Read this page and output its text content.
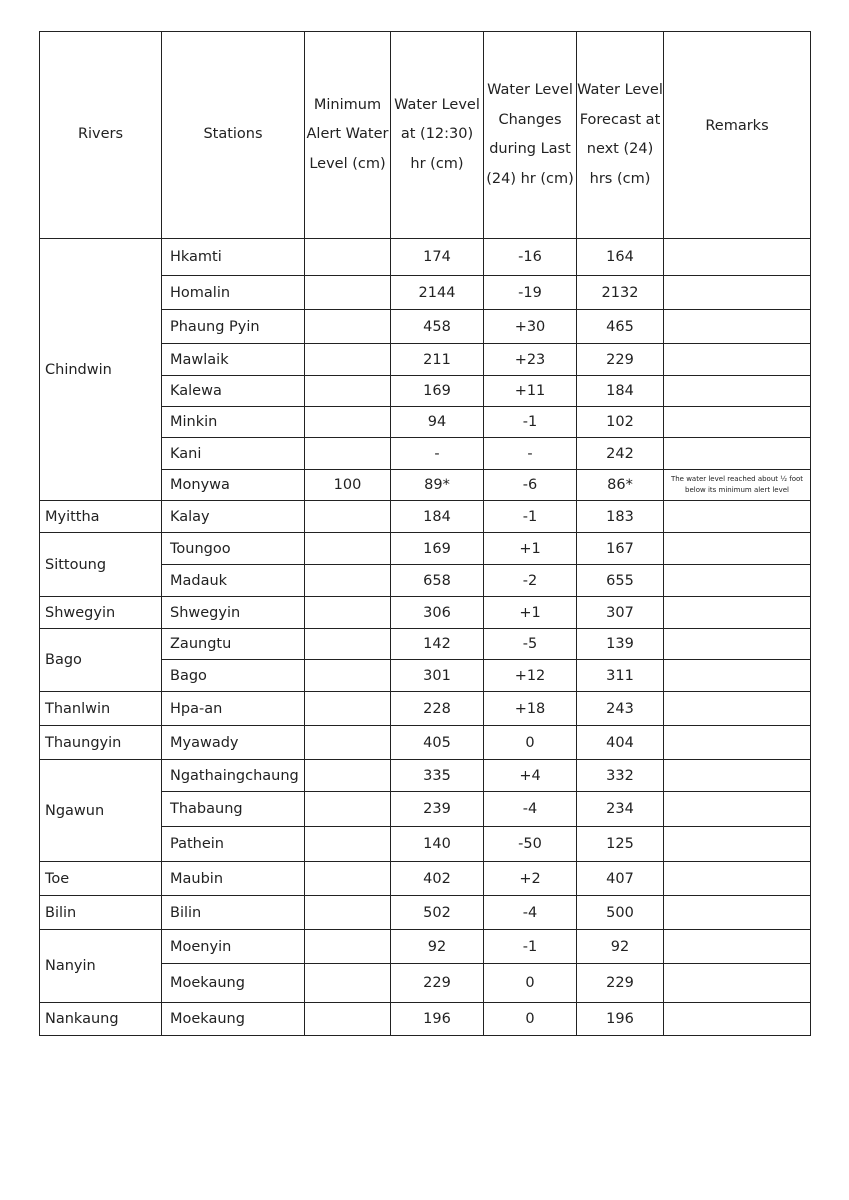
Rivers	Stations	Minimum Alert Water Level (cm)	Water Level at (12:30) hr (cm)	Water Level Changes during Last (24) hr (cm)	Water Level Forecast at next (24) hrs (cm)	Remarks
Chindwin	Hkamti		174	-16	164	
	Homalin		2144	-19	2132	
	Phaung Pyin		458	+30	465	
	Mawlaik		211	+23	229	
	Kalewa		169	+11	184	
	Minkin		94	-1	102	
	Kani		-	-	242	
	Monywa	100	89*	-6	86*	The water level reached about ½ foot below its minimum alert level
Myittha	Kalay		184	-1	183	
Sittoung	Toungoo		169	+1	167	
	Madauk		658	-2	655	
Shwegyin	Shwegyin		306	+1	307	
Bago	Zaungtu		142	-5	139	
	Bago		301	+12	311	
Thanlwin	Hpa-an		228	+18	243	
Thaungyin	Myawady		405	0	404	
Ngawun	Ngathaingchaung		335	+4	332	
	Thabaung		239	-4	234	
	Pathein		140	-50	125	
Toe	Maubin		402	+2	407	
Bilin	Bilin		502	-4	500	
Nanyin	Moenyin		92	-1	92	
	Moekaung		229	0	229	
Nankaung	Moekaung		196	0	196	
